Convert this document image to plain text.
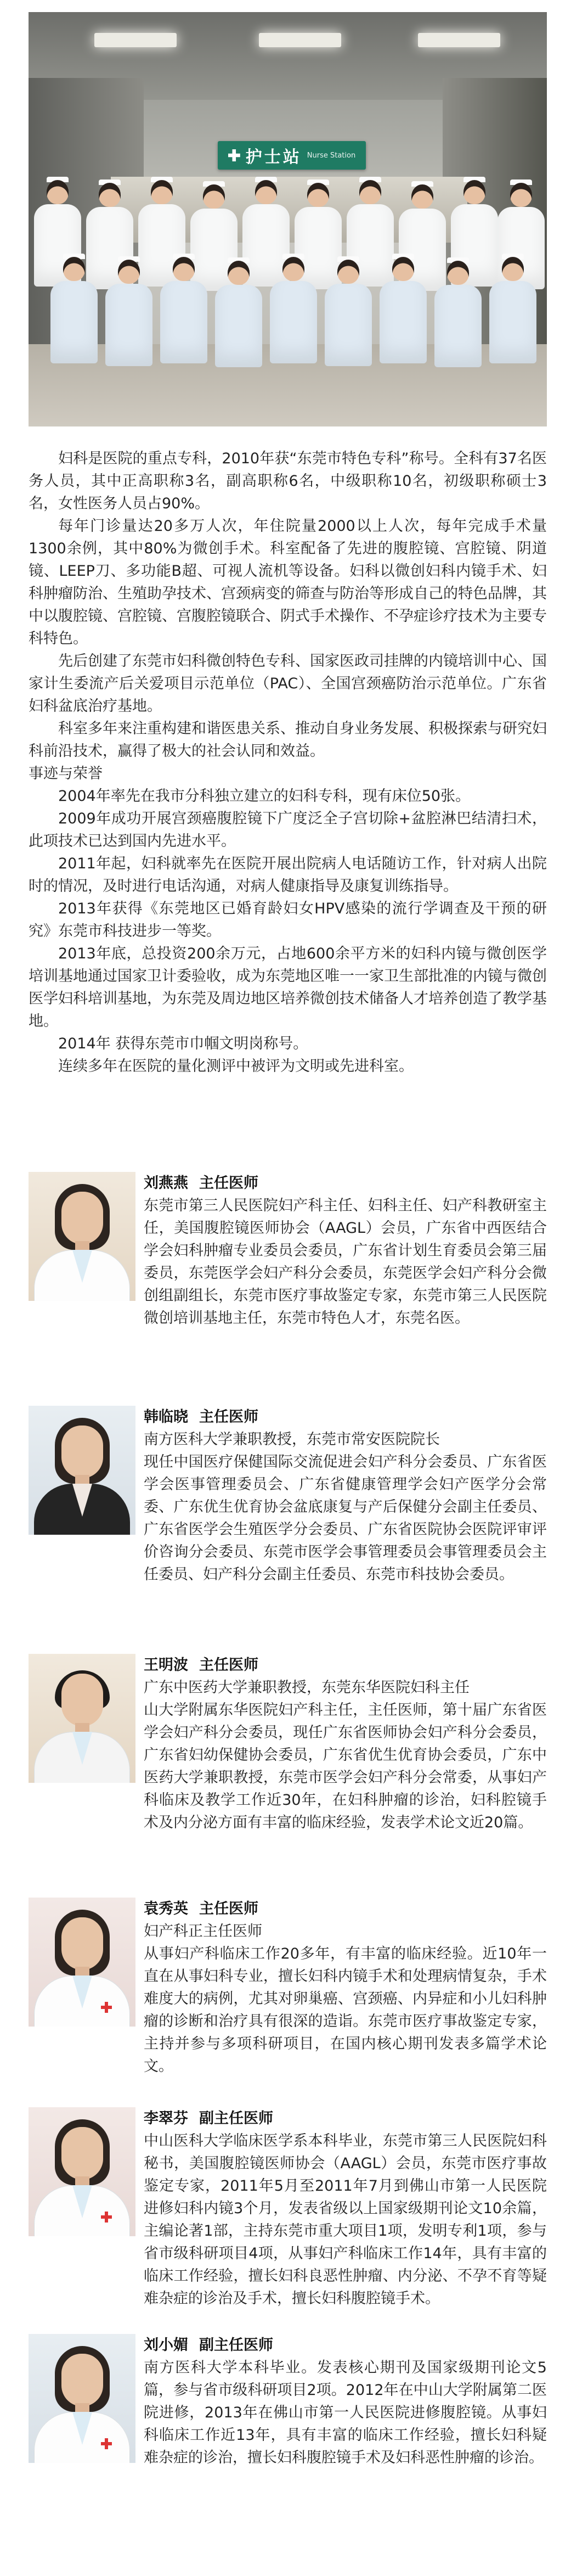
护士站 Nurse Station

妇科是医院的重点专科，2010年获“东莞市特色专科”称号。全科有37名医务人员，其中正高职称3名，副高职称6名，中级职称10名，初级职称硕士3名，女性医务人员占90%。

每年门诊量达20多万人次，年住院量2000以上人次，每年完成手术量1300余例，其中80%为微创手术。科室配备了先进的腹腔镜、宫腔镜、阴道镜、LEEP刀、多功能B超、可视人流机等设备。妇科以微创妇科内镜手术、妇科肿瘤防治、生殖助孕技术、宫颈病变的筛查与防治等形成自己的特色品牌，其中以腹腔镜、宫腔镜、宫腹腔镜联合、阴式手术操作、不孕症诊疗技术为主要专科特色。

先后创建了东莞市妇科微创特色专科、国家医政司挂牌的内镜培训中心、国家计生委流产后关爱项目示范单位（PAC）、全国宫颈癌防治示范单位。广东省妇科盆底治疗基地。

科室多年来注重构建和谐医患关系、推动自身业务发展、积极探索与研究妇科前沿技术，赢得了极大的社会认同和效益。

事迹与荣誉

2004年率先在我市分科独立建立的妇科专科，现有床位50张。

2009年成功开展宫颈癌腹腔镜下广度泛全子宫切除+盆腔淋巴结清扫术，此项技术已达到国内先进水平。

2011年起，妇科就率先在医院开展出院病人电话随访工作，针对病人出院时的情况，及时进行电话沟通，对病人健康指导及康复训练指导。

2013年获得《东莞地区已婚育龄妇女HPV感染的流行学调查及干预的研究》东莞市科技进步一等奖。

2013年底，总投资200余万元，占地600余平方米的妇科内镜与微创医学培训基地通过国家卫计委验收，成为东莞地区唯一一家卫生部批准的内镜与微创医学妇科培训基地，为东莞及周边地区培养微创技术储备人才培养创造了教学基地。

2014年 获得东莞市巾帼文明岗称号。

连续多年在医院的量化测评中被评为文明或先进科室。

刘燕燕 主任医师

东莞市第三人民医院妇产科主任、妇科主任、妇产科教研室主任，美国腹腔镜医师协会（AAGL）会员，广东省中西医结合学会妇科肿瘤专业委员会委员，广东省计划生育委员会第三届委员，东莞医学会妇产科分会委员，东莞医学会妇产科分会微创组副组长，东莞市医疗事故鉴定专家，东莞市第三人民医院微创培训基地主任，东莞市特色人才，东莞名医。

韩临晓 主任医师

南方医科大学兼职教授，东莞市常安医院院长
现任中国医疗保健国际交流促进会妇产科分会委员、广东省医学会医事管理委员会、广东省健康管理学会妇产医学分会常委、广东优生优育协会盆底康复与产后保健分会副主任委员、广东省医学会生殖医学分会委员、广东省医院协会医院评审评价咨询分会委员、东莞市医学会事管理委员会事管理委员会主任委员、妇产科分会副主任委员、东莞市科技协会委员。

王明波 主任医师

广东中医药大学兼职教授，东莞东华医院妇科主任
山大学附属东华医院妇产科主任，主任医师，第十届广东省医学会妇产科分会委员，现任广东省医师协会妇产科分会委员，广东省妇幼保健协会委员，广东省优生优育协会委员，广东中医药大学兼职教授，东莞市医学会妇产科分会常委，从事妇产科临床及教学工作近30年，在妇科肿瘤的诊治，妇科腔镜手术及内分泌方面有丰富的临床经验，发表学术论文近20篇。

袁秀英 主任医师

妇产科正主任医师
从事妇产科临床工作20多年，有丰富的临床经验。近10年一直在从事妇科专业，擅长妇科内镜手术和处理病情复杂，手术难度大的病例，尤其对卵巢癌、宫颈癌、内异症和小儿妇科肿瘤的诊断和治疗具有很深的造诣。东莞市医疗事故鉴定专家，主持并参与多项科研项目，在国内核心期刊发表多篇学术论文。

李翠芬 副主任医师

中山医科大学临床医学系本科毕业，东莞市第三人民医院妇科秘书，美国腹腔镜医师协会（AAGL）会员，东莞市医疗事故鉴定专家，2011年5月至2011年7月到佛山市第一人民医院进修妇科内镜3个月，发表省级以上国家级期刊论文10余篇，主编论著1部，主持东莞市重大项目1项，发明专利1项，参与省市级科研项目4项，从事妇产科临床工作14年，具有丰富的临床工作经验，擅长妇科良恶性肿瘤、内分泌、不孕不育等疑难杂症的诊治及手术，擅长妇科腹腔镜手术。

刘小媚 副主任医师

南方医科大学本科毕业。发表核心期刊及国家级期刊论文5篇，参与省市级科研项目2项。2012年在中山大学附属第二医院进修，2013年在佛山市第一人民医院进修腹腔镜。从事妇科临床工作近13年，具有丰富的临床工作经验，擅长妇科疑难杂症的诊治，擅长妇科腹腔镜手术及妇科恶性肿瘤的诊治。
